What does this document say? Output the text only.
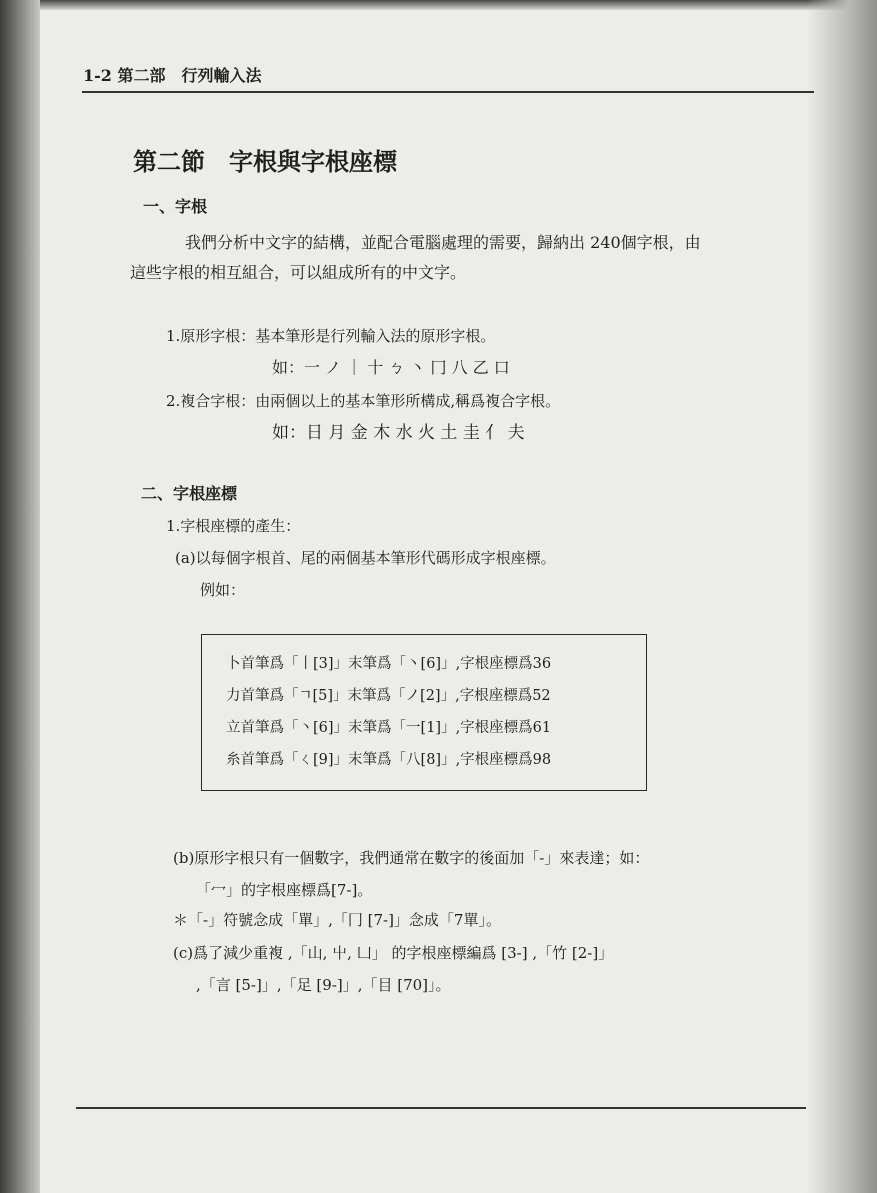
1-2 第二部　行列輸入法
第二節　字根與字根座標
一、字根
我們分析中文字的結構，並配合電腦處理的需要，歸納出 240個字根，由
這些字根的相互組合，可以組成所有的中文字。
1.原形字根：基本筆形是行列輸入法的原形字根。
如：一 ノ ｜ 十 ㄅ 丶 冂 八 乙 口
2.複合字根：由兩個以上的基本筆形所構成,稱爲複合字根。
如：日 月 金 木 水 火 土 圭 亻 夫
二、字根座標
1.字根座標的產生：
(a)以每個字根首、尾的兩個基本筆形代碼形成字根座標。
例如：
卜首筆爲「丨[3]」末筆爲「丶[6]」,字根座標爲36
力首筆爲「ㄱ[5]」末筆爲「ノ[2]」,字根座標爲52
立首筆爲「丶[6]」末筆爲「一[1]」,字根座標爲61
糸首筆爲「ㄑ[9]」末筆爲「八[8]」,字根座標爲98
(b)原形字根只有一個數字，我們通常在數字的後面加「-」來表達；如：
「冖」的字根座標爲[7-]。
＊「-」符號念成「單」,「冂 [7-]」念成「7單」。
(c)爲了減少重複 ,「山, 屮, 凵」 的字根座標編爲 [3-] ,「竹 [2-]」
,「言 [5-]」,「足 [9-]」,「目 [70]」。
